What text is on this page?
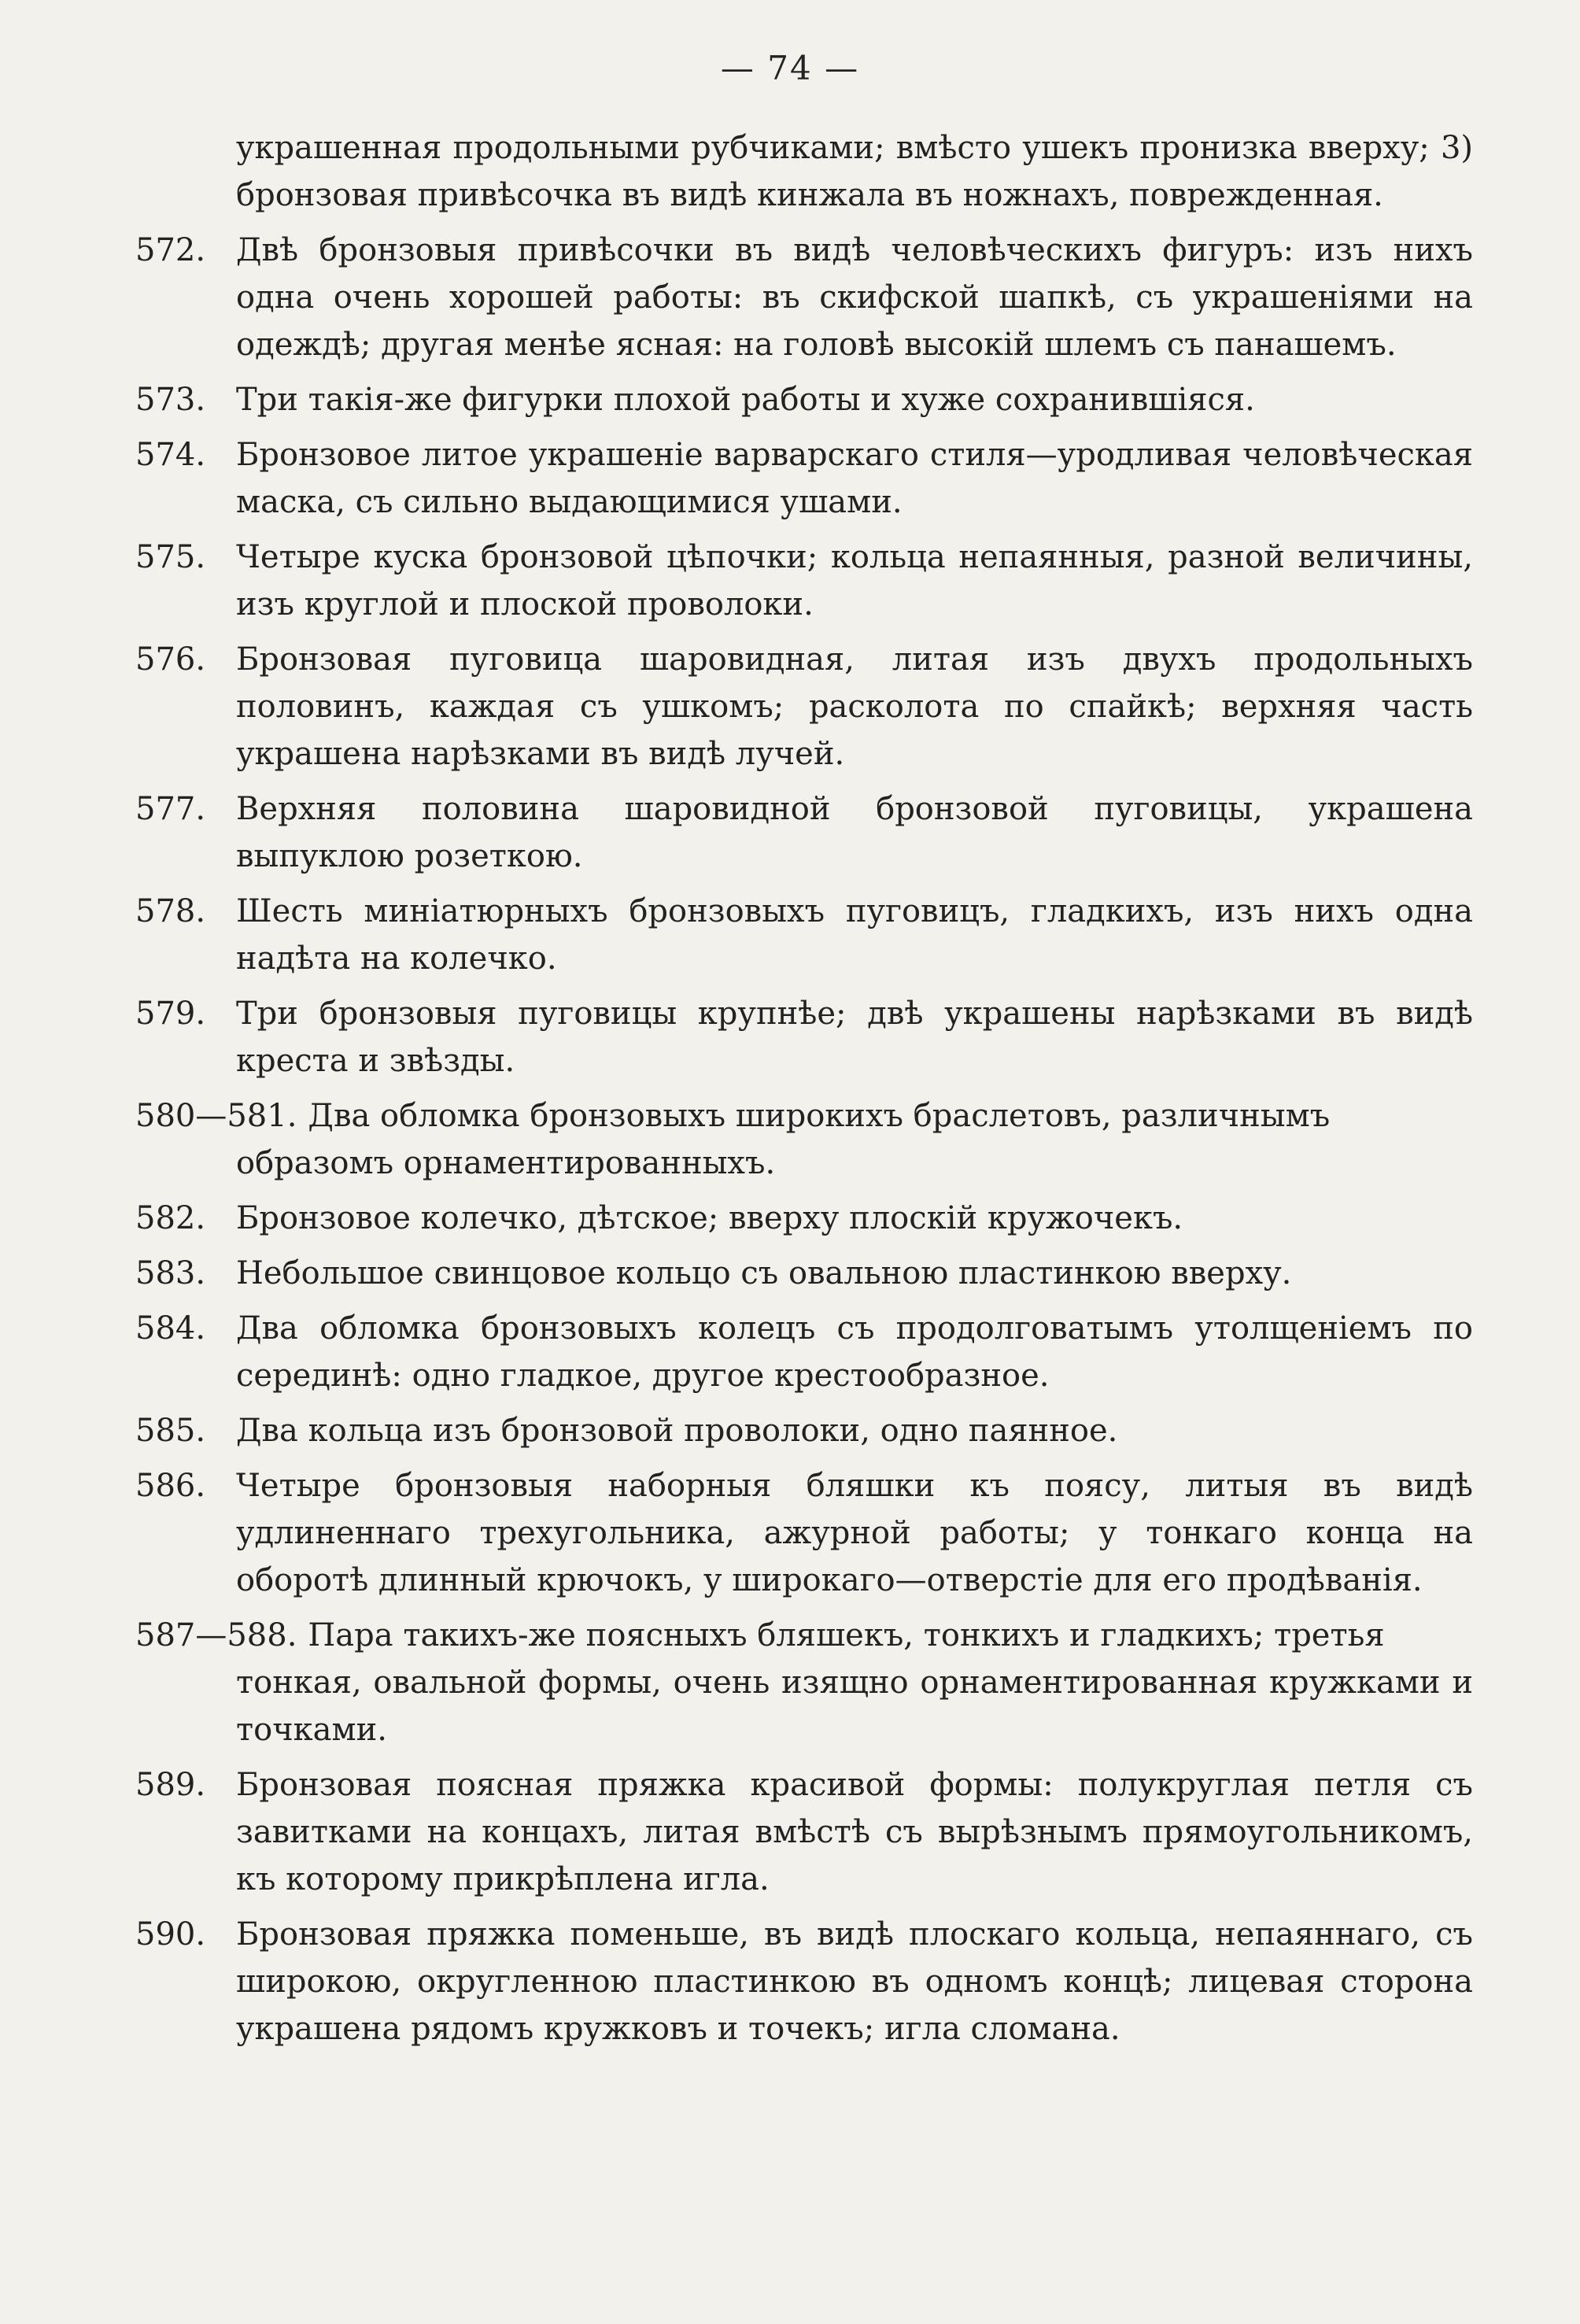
— 74 —
украшенная продольными рубчиками; вмѣсто ушекъ пронизка вверху; 3) бронзовая привѣсочка въ видѣ кинжала въ ножнахъ, поврежденная.
572. Двѣ бронзовыя привѣсочки въ видѣ человѣческихъ фигуръ: изъ нихъ одна очень хорошей работы: въ скифской шапкѣ, съ украшеніями на одеждѣ; другая менѣе ясная: на головѣ высокій шлемъ съ панашемъ.
573. Три такія-же фигурки плохой работы и хуже сохранившіяся.
574. Бронзовое литое украшеніе варварскаго стиля—уродливая человѣческая маска, съ сильно выдающимися ушами.
575. Четыре куска бронзовой цѣпочки; кольца непаянныя, разной величины, изъ круглой и плоской проволоки.
576. Бронзовая пуговица шаровидная, литая изъ двухъ продольныхъ половинъ, каждая съ ушкомъ; расколота по спайкѣ; верхняя часть украшена нарѣзками въ видѣ лучей.
577. Верхняя половина шаровидной бронзовой пуговицы, украшена выпуклою розеткою.
578. Шесть миніатюрныхъ бронзовыхъ пуговицъ, гладкихъ, изъ нихъ одна надѣта на колечко.
579. Три бронзовыя пуговицы крупнѣе; двѣ украшены нарѣзками въ видѣ креста и звѣзды.
580—581. Два обломка бронзовыхъ широкихъ браслетовъ, различнымъ
образомъ орнаментированныхъ.
582. Бронзовое колечко, дѣтское; вверху плоскій кружочекъ.
583. Небольшое свинцовое кольцо съ овальною пластинкою вверху.
584. Два обломка бронзовыхъ колецъ съ продолговатымъ утолщеніемъ по серединѣ: одно гладкое, другое крестообразное.
585. Два кольца изъ бронзовой проволоки, одно паянное.
586. Четыре бронзовыя наборныя бляшки къ поясу, литыя въ видѣ удлиненнаго трехугольника, ажурной работы; у тонкаго конца на оборотѣ длинный крючокъ, у широкаго—отверстіе для его продѣванія.
587—588. Пара такихъ-же поясныхъ бляшекъ, тонкихъ и гладкихъ; третья
тонкая, овальной формы, очень изящно орнаментированная кружками и точками.
589. Бронзовая поясная пряжка красивой формы: полукруглая петля съ завитками на концахъ, литая вмѣстѣ съ вырѣзнымъ прямоугольникомъ, къ которому прикрѣплена игла.
590. Бронзовая пряжка поменьше, въ видѣ плоскаго кольца, непаяннаго, съ широкою, округленною пластинкою въ одномъ концѣ; лицевая сторона украшена рядомъ кружковъ и точекъ; игла сломана.
